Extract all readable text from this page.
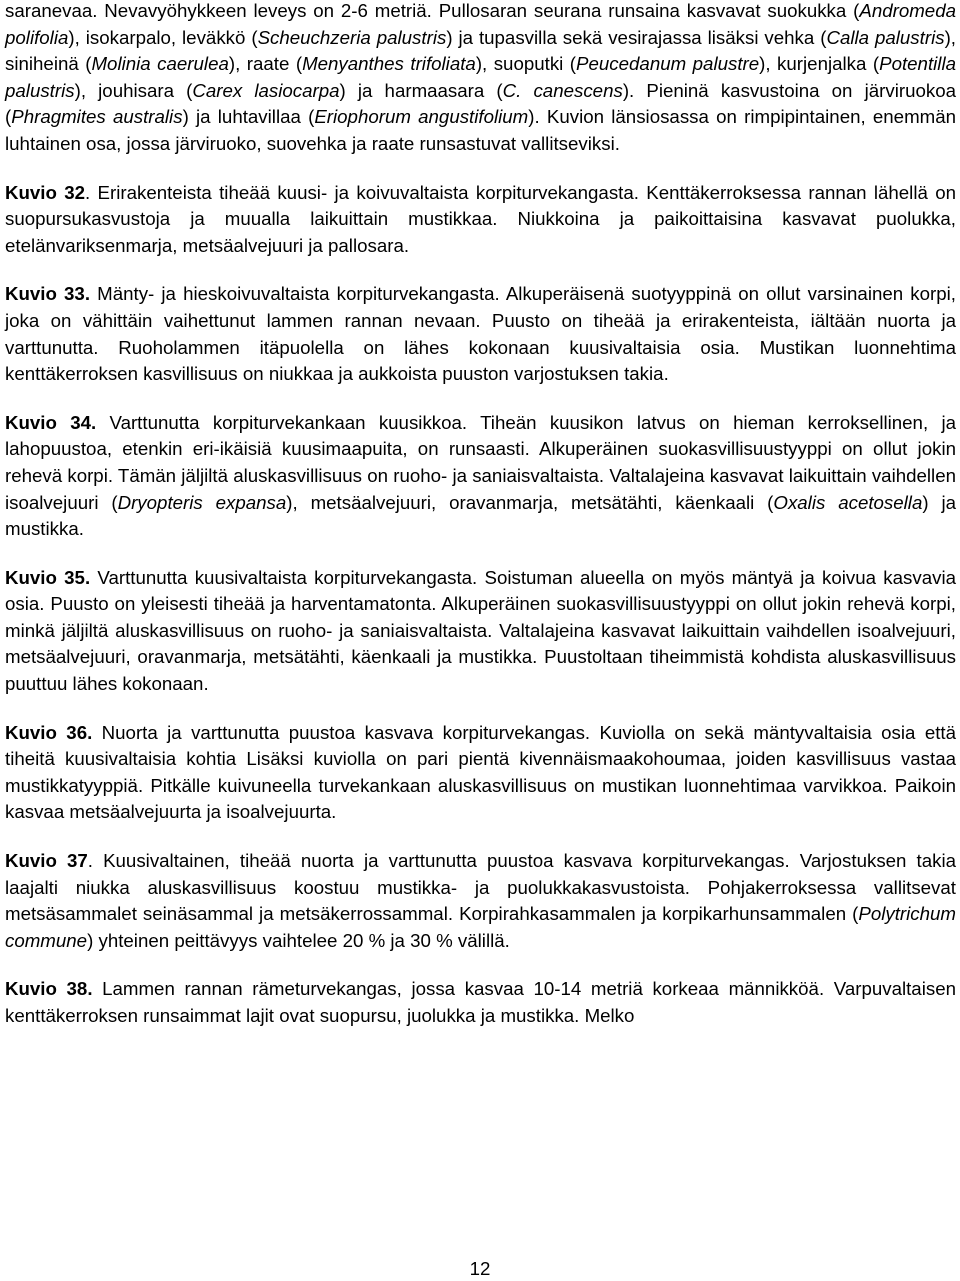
saranevaa. Nevavyöhykkeen leveys on 2-6 metriä. Pullosaran seurana runsaina kasvavat suokukka (Andromeda polifolia), isokarpalo, leväkkö (Scheuchzeria palustris) ja tupasvilla sekä vesirajassa lisäksi vehka (Calla palustris), siniheinä (Molinia caerulea), raate (Menyanthes trifoliata), suoputki (Peucedanum palustre), kurjenjalka (Potentilla palustris), jouhisara (Carex lasiocarpa) ja harmaasara (C. canescens). Pieninä kasvustoina on järviruokoa (Phragmites australis) ja luhtavillaa (Eriophorum angustifolium). Kuvion länsiosassa on rimpipintainen, enemmän luhtainen osa, jossa järviruoko, suovehka ja raate runsastuvat vallitseviksi.

Kuvio 32. Erirakenteista tiheää kuusi- ja koivuvaltaista korpiturvekangasta. Kenttäkerroksessa rannan lähellä on suopursukasvustoja ja muualla laikuittain mustikkaa. Niukkoina ja paikoittaisina kasvavat puolukka, etelänvariksenmarja, metsäalvejuuri ja pallosara.

Kuvio 33. Mänty- ja hieskoivuvaltaista korpiturvekangasta. Alkuperäisenä suotyyppinä on ollut varsinainen korpi, joka on vähittäin vaihettunut lammen rannan nevaan. Puusto on tiheää ja erirakenteista, iältään nuorta ja varttunutta. Ruoholammen itäpuolella on lähes kokonaan kuusivaltaisia osia. Mustikan luonnehtima kenttäkerroksen kasvillisuus on niukkaa ja aukkoista puuston varjostuksen takia.

Kuvio 34. Varttunutta korpiturvekankaan kuusikkoa. Tiheän kuusikon latvus on hieman kerroksellinen, ja lahopuustoa, etenkin eri-ikäisiä kuusimaapuita, on runsaasti. Alkuperäinen suokasvillisuustyyppi on ollut jokin rehevä korpi. Tämän jäljiltä aluskasvillisuus on ruoho- ja saniaisvaltaista. Valtalajeina kasvavat laikuittain vaihdellen isoalvejuuri (Dryopteris expansa), metsäalvejuuri, oravanmarja, metsätähti, käenkaali (Oxalis acetosella) ja mustikka.

Kuvio 35. Varttunutta kuusivaltaista korpiturvekangasta. Soistuman alueella on myös mäntyä ja koivua kasvavia osia. Puusto on yleisesti tiheää ja harventamatonta. Alkuperäinen suokasvillisuustyyppi on ollut jokin rehevä korpi, minkä jäljiltä aluskasvillisuus on ruoho- ja saniaisvaltaista. Valtalajeina kasvavat laikuittain vaihdellen isoalvejuuri, metsäalvejuuri, oravanmarja, metsätähti, käenkaali ja mustikka. Puustoltaan tiheimmistä kohdista aluskasvillisuus puuttuu lähes kokonaan.

Kuvio 36. Nuorta ja varttunutta puustoa kasvava korpiturvekangas. Kuviolla on sekä mäntyvaltaisia osia että tiheitä kuusivaltaisia kohtia Lisäksi kuviolla on pari pientä kivennäismaakohoumaa, joiden kasvillisuus vastaa mustikkatyyppiä. Pitkälle kuivuneella turvekankaan aluskasvillisuus on mustikan luonnehtimaa varvikkoa. Paikoin kasvaa metsäalvejuurta ja isoalvejuurta.

Kuvio 37. Kuusivaltainen, tiheää nuorta ja varttunutta puustoa kasvava korpiturvekangas. Varjostuksen takia laajalti niukka aluskasvillisuus koostuu mustikka- ja puolukkakasvustoista. Pohjakerroksessa vallitsevat metsäsammalet seinäsammal ja metsäkerrossammal. Korpirahkasammalen ja korpikarhunsammalen (Polytrichum commune) yhteinen peittävyys vaihtelee 20 % ja 30 % välillä.

Kuvio 38. Lammen rannan rämeturvekangas, jossa kasvaa 10-14 metriä korkeaa männikköä. Varpuvaltaisen kenttäkerroksen runsaimmat lajit ovat suopursu, juolukka ja mustikka. Melko

12
